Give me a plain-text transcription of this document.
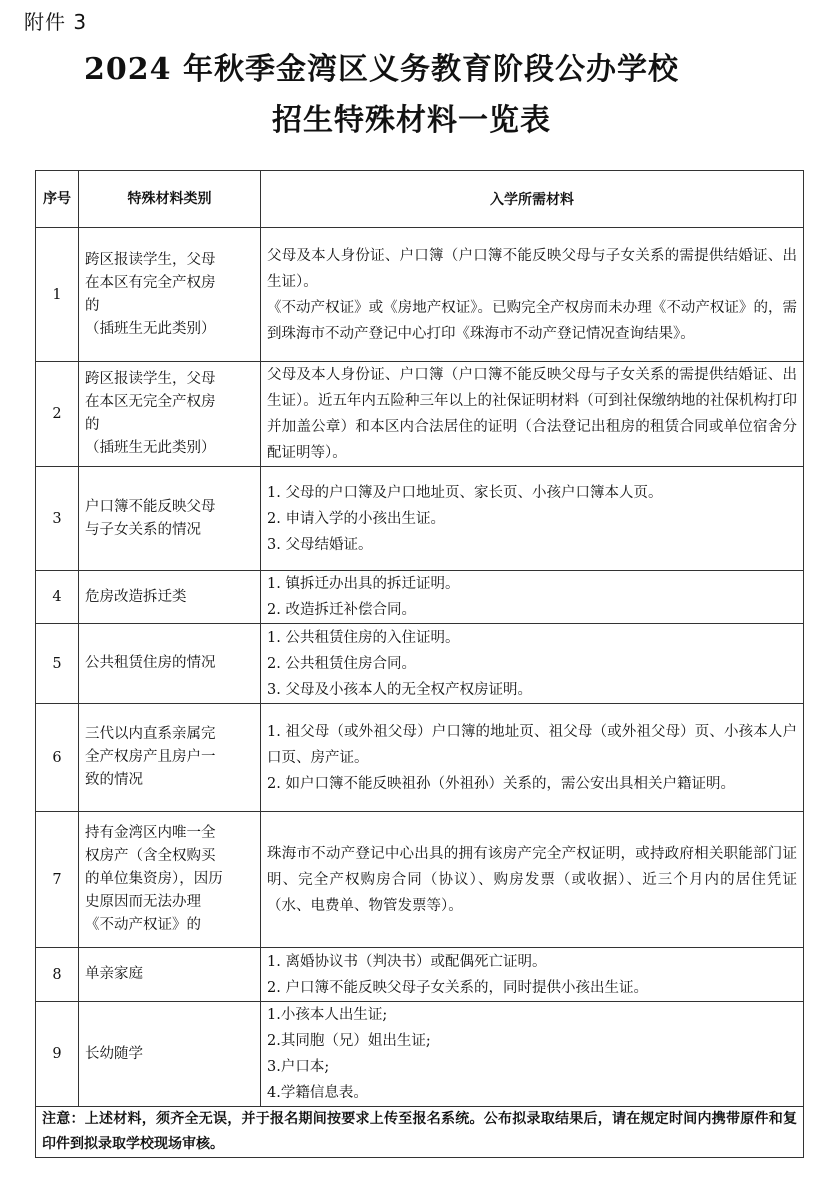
附件 3
2024 年秋季金湾区义务教育阶段公办学校
招生特殊材料一览表
序号	特殊材料类别	入学所需材料
1	跨区报读学生，父母
在本区有完全产权房
的
（插班生无此类别）	父母及本人身份证、户口簿（户口簿不能反映父母与子女关系的需提供结婚证、出生证）。
《不动产权证》或《房地产权证》。已购完全产权房而未办理《不动产权证》的，需到珠海市不动产登记中心打印《珠海市不动产登记情况查询结果》。

2	跨区报读学生，父母
在本区无完全产权房
的
（插班生无此类别）	父母及本人身份证、户口簿（户口簿不能反映父母与子女关系的需提供结婚证、出生证）。近五年内五险种三年以上的社保证明材料（可到社保缴纳地的社保机构打印并加盖公章）和本区内合法居住的证明（合法登记出租房的租赁合同或单位宿舍分配证明等）。

3	户口簿不能反映父母
与子女关系的情况	1. 父母的户口簿及户口地址页、家长页、小孩户口簿本人页。
2. 申请入学的小孩出生证。
3. 父母结婚证。

4	危房改造拆迁类	1. 镇拆迁办出具的拆迁证明。
2. 改造拆迁补偿合同。

5	公共租赁住房的情况	1. 公共租赁住房的入住证明。
2. 公共租赁住房合同。
3. 父母及小孩本人的无全权产权房证明。

6	三代以内直系亲属完
全产权房产且房户一
致的情况	1. 祖父母（或外祖父母）户口簿的地址页、祖父母（或外祖父母）页、小孩本人户口页、房产证。
2. 如户口簿不能反映祖孙（外祖孙）关系的，需公安出具相关户籍证明。

7	持有金湾区内唯一全
权房产（含全权购买
的单位集资房），因历
史原因而无法办理
《不动产权证》的	珠海市不动产登记中心出具的拥有该房产完全产权证明，或持政府相关职能部门证明、完全产权购房合同（协议）、购房发票（或收据）、近三个月内的居住凭证（水、电费单、物管发票等）。

8	单亲家庭	1. 离婚协议书（判决书）或配偶死亡证明。
2. 户口簿不能反映父母子女关系的，同时提供小孩出生证。

9	长幼随学	1.小孩本人出生证;
2.其同胞（兄）姐出生证;
3.户口本;
4.学籍信息表。

注意：上述材料，须齐全无误，并于报名期间按要求上传至报名系统。公布拟录取结果后，请在规定时间内携带原件和复印件到拟录取学校现场审核。		
